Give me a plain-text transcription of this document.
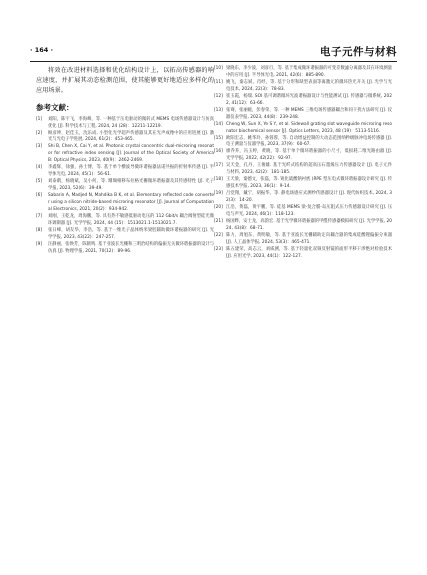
· 164 ·	电子元件与材料

将效在改进材料选择和优化结构设计上，以拓高传感器的响应速度，并扩展其动态检测范围，使其能够更好地适应多样化的应用场景。

参考文献：
[1]	刘阳，陈宇飞，李海峰，等. 一种基于压电驱动的微转式 MEMS 电场传感器设计与仿真优化 [J]. 科学技术与工程, 2024, 24 (28)：12211-12219.
[2]	顾彦坤，赵佳玉，沈乐成. 小型化光学超声传感器及其在光声成像中的应用进展 [J]. 激光与光电子学进展, 2024, 61(2)：453-465.
[3]	Shi B, Chen X, Cai Y, et al. Photonic crystal concentric dual-microring resonator for refractive index sensing [J]. Journal of the Optical Society of America B: Optical Physics, 2023, 40(9)：2462-2469.
[4]	李鑫辉，徐强，孙士博，等. 基于单个横波导微环谐振器法诺共振的折射率传感 [J]. 半导体光电, 2024, 45(1)：56-61.
[5]	刘泰鹤，杨晓斌，吴小何，等. 珊瑚相移布拉格光栅微环谐振器及其传感特性 [J]. 光子学报, 2023, 52(6)：39-49.
[6]	Sabarin A, Madjed N, Mahdika B K, et al. Elementary reflected code converter using a silicon nitride-based microring resonator [J]. Journal of Computational Electronics, 2021, 20(2)：934-942.
[7]	刘刚，王乾龙，周海鹏，等. 具有热不敏感低驱动电压的 112 Gbit/s 耦合阀射型硅光微环调制器 [J]. 光学学报, 2024, 44 (15)：1513021.1-1513021.7.
[8]	张日峰，胡友华，李浩，等. 基于一维光子晶体纳米梁腔辅助微环谐振器的研究 [J]. 光学学报, 2023, 43(22)：247-257.
[9]	汪静丽，张焕芳，陈鹤鸣. 基于亚波长光栅和三明治结构的偏振无关微环谐振器的设计与仿真 [J]. 物理学报, 2021, 70(12)：89-96.
[10] 梁晓东，李少波，刘彦行，等. 基于集成微环谐振器的可变差数滤分离器及其在环境测量中的应用 [J]. 半导体光电, 2021, 42(6)：885-890.
[11] 姚飞，秦志斌，肖经，等. 基于分形和缺型表面等离激元的微环热光开关 [J]. 光学与光电技术, 2024, 22(3)：78-83.
[12] 崔玉霞，杨瑞. SOI 基可调谐微环光波谐振器设计与性能测试 [J]. 传感器与微系统, 2022, 41(12)：63-66.
[13] 张骞，张丽媛，彭春荣，等. 一种 MEMS 三维电场传感器耦合和同干扰方法研究 [J]. 仪器仪表学报, 2023, 44(8)：239-248.
[14] Cheng W, Sun X, Ye S Y, et al. Sidewall grating slot waveguide microring resonator biochemical sensor [J]. Optics Letters, 2023, 48 (19)：5113-5116.
[15] 欧阳宏志，姚华玲，孙蓉蓉，等. 自动增益控制的大动态范围纳秒级脉冲电场传感器 [J]. 电子测量与仪器学报, 2023, 37(9)：60-67.
[16] 廖乔乔，冯玉婷，黄晓，等. 基于单个微环谐振器的小尺寸，低损耗二维光路由器 [J]. 光学学报, 2022, 42(22)：92-97.
[17] 吴天金，孔丹，王俊雄. 基于光纤式结构的超高压石墨烯压力传感器设计 [J]. 电子元件与材料, 2023, 42(2)：181-185.
[18] 王天梁，秦德文，张磊，等. 锐化硫酸钠衬底 (RPE 型压电式微环谐振器设计研究 [J]. 传感技术学报, 2023, 36(1)：9-14.
[19] 吕党翔，戴宁，胡振华，等. 静电场感应式测纱传感器设计 [J]. 现代纺织技术, 2024, 32(3)：14-20.
[20] 江浩，黄磊，黄宇鹏，等. 硅基 MEMS 梁-复合膜-岛压阻式压力传感器设计研究 [J]. 压电与声光, 2024, 46(1)：118-123.
[21] 杨国晔，安士龙，高韵宏. 基于光学微环谐振器的甲醛传感器模拟研究 [J]. 光学学报, 2024, 43(8)：68-71.
[22] 陈力，周旭东，黄明敏，等. 基于亚波长光栅辅助定向耦合器的集成硅酸锂偏振分束器 [J]. 人工晶体学报, 2024, 53(3)：465-471.
[23] 陈五建荣，高志云，刘威测，等. 基于轻量化双频反射镜的面形平移干涉绝对检验技术 [J]. 应用光学, 2023, 44(1)：122-127.
